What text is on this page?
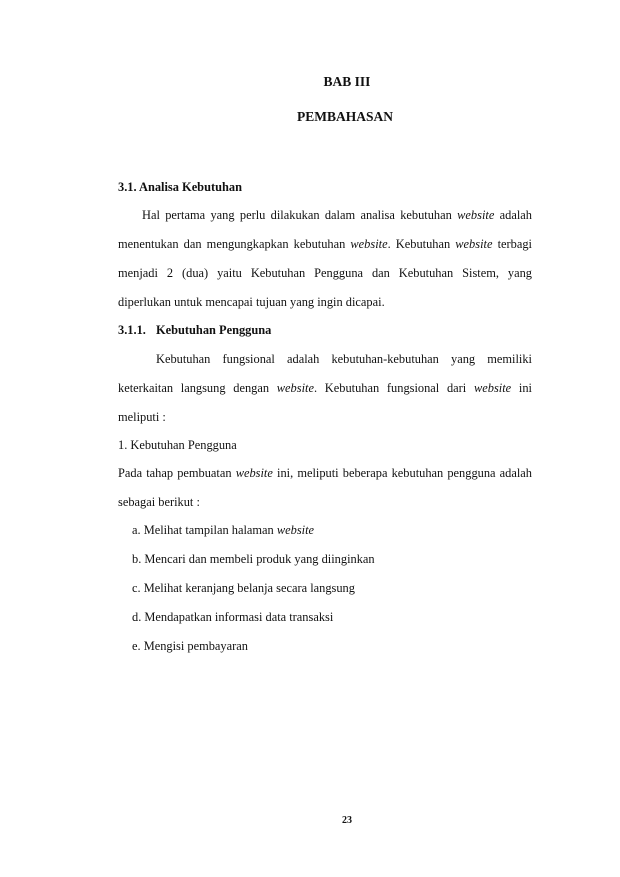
BAB III
PEMBAHASAN
3.1. Analisa Kebutuhan
Hal pertama yang perlu dilakukan dalam analisa kebutuhan website adalah
menentukan dan mengungkapkan kebutuhan website. Kebutuhan website terbagi
menjadi 2 (dua) yaitu Kebutuhan Pengguna dan Kebutuhan Sistem, yang
diperlukan untuk mencapai tujuan yang ingin dicapai.
3.1.1. Kebutuhan Pengguna
Kebutuhan fungsional adalah kebutuhan-kebutuhan yang memiliki
keterkaitan langsung dengan website. Kebutuhan fungsional dari website ini
meliputi :
1. Kebutuhan Pengguna
Pada tahap pembuatan website ini, meliputi beberapa kebutuhan pengguna adalah
sebagai berikut :
a. Melihat tampilan halaman website
b. Mencari dan membeli produk yang diinginkan
c. Melihat keranjang belanja secara langsung
d. Mendapatkan informasi data transaksi
e. Mengisi pembayaran
23
